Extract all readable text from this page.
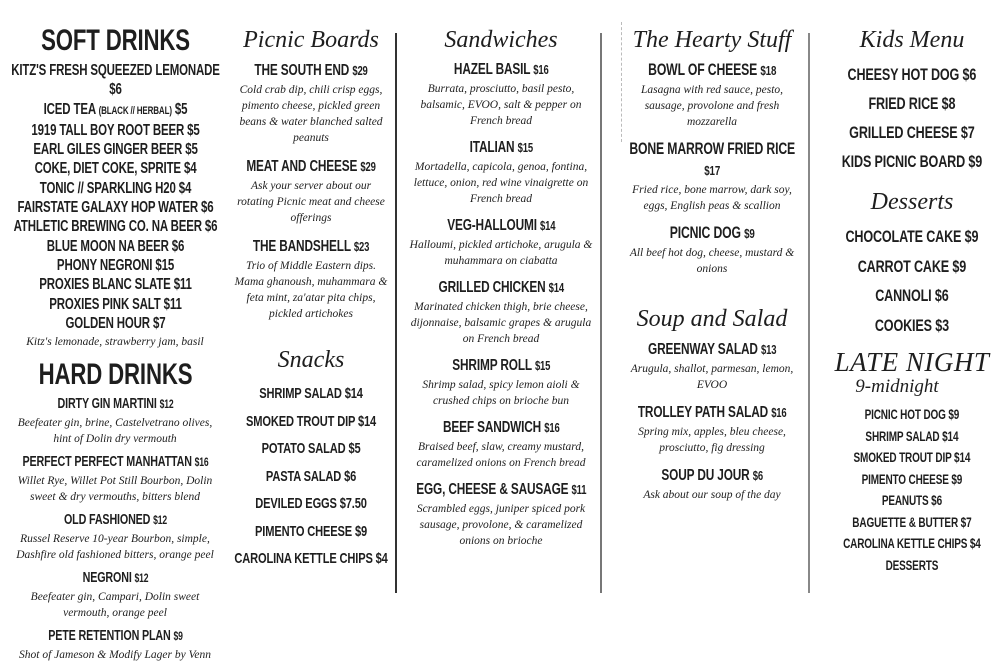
SOFT DRINKS
KITZ'S FRESH SQUEEZED LEMONADE $6
ICED TEA (BLACK // HERBAL) $5
1919 TALL BOY ROOT BEER $5
EARL GILES GINGER BEER $5
COKE, DIET COKE, SPRITE $4
TONIC // SPARKLING H20 $4
FAIRSTATE GALAXY HOP WATER $6
ATHLETIC BREWING CO. NA BEER $6
BLUE MOON NA BEER $6
PHONY NEGRONI $15
PROXIES BLANC SLATE $11
PROXIES PINK SALT $11
GOLDEN HOUR $7
Kitz's lemonade, strawberry jam, basil
HARD DRINKS
DIRTY GIN MARTINI $12
Beefeater gin, brine, Castelvetrano olives, hint of Dolin dry vermouth
PERFECT PERFECT MANHATTAN $16
Willet Rye, Willet Pot Still Bourbon, Dolin sweet & dry vermouths, bitters blend
OLD FASHIONED $12
Russel Reserve 10-year Bourbon, simple, Dashfire old fashioned bitters, orange peel
NEGRONI $12
Beefeater gin, Campari, Dolin sweet vermouth, orange peel
PETE RETENTION PLAN $9
Shot of Jameson & Modify Lager by Venn
Picnic Boards
THE SOUTH END $29
Cold crab dip, chili crisp eggs, pimento cheese, pickled green beans & water blanched salted peanuts
MEAT AND CHEESE $29
Ask your server about our rotating Picnic meat and cheese offerings
THE BANDSHELL $23
Trio of Middle Eastern dips. Mama ghanoush, muhammara & feta mint, za'atar pita chips, pickled artichokes
Snacks
SHRIMP SALAD $14
SMOKED TROUT DIP $14
POTATO SALAD $5
PASTA SALAD $6
DEVILED EGGS $7.50
PIMENTO CHEESE $9
CAROLINA KETTLE CHIPS $4
Sandwiches
HAZEL BASIL $16
Burrata, prosciutto, basil pesto, balsamic, EVOO, salt & pepper on French bread
ITALIAN $15
Mortadella, capicola, genoa, fontina, lettuce, onion, red wine vinaigrette on French bread
VEG-HALLOUMI $14
Halloumi, pickled artichoke, arugula & muhammara on ciabatta
GRILLED CHICKEN $14
Marinated chicken thigh, brie cheese, dijonnaise, balsamic grapes & arugula on French bread
SHRIMP ROLL $15
Shrimp salad, spicy lemon aioli & crushed chips on brioche bun
BEEF SANDWICH $16
Braised beef, slaw, creamy mustard, caramelized onions on French bread
EGG, CHEESE & SAUSAGE $11
Scrambled eggs, juniper spiced pork sausage, provolone, & caramelized onions on brioche
The Hearty Stuff
BOWL OF CHEESE $18
Lasagna with red sauce, pesto, sausage, provolone and fresh mozzarella
BONE MARROW FRIED RICE $17
Fried rice, bone marrow, dark soy, eggs, English peas & scallion
PICNIC DOG $9
All beef hot dog, cheese, mustard & onions
Soup and Salad
GREENWAY SALAD $13
Arugula, shallot, parmesan, lemon, EVOO
TROLLEY PATH SALAD $16
Spring mix, apples, bleu cheese, prosciutto, fig dressing
SOUP DU JOUR $6
Ask about our soup of the day
Kids Menu
CHEESY HOT DOG $6
FRIED RICE $8
GRILLED CHEESE $7
KIDS PICNIC BOARD $9
Desserts
CHOCOLATE CAKE $9
CARROT CAKE $9
CANNOLI $6
COOKIES $3
LATE NIGHT
9-midnight
PICNIC HOT DOG $9
SHRIMP SALAD $14
SMOKED TROUT DIP $14
PIMENTO CHEESE $9
PEANUTS $6
BAGUETTE & BUTTER $7
CAROLINA KETTLE CHIPS $4
DESSERTS
